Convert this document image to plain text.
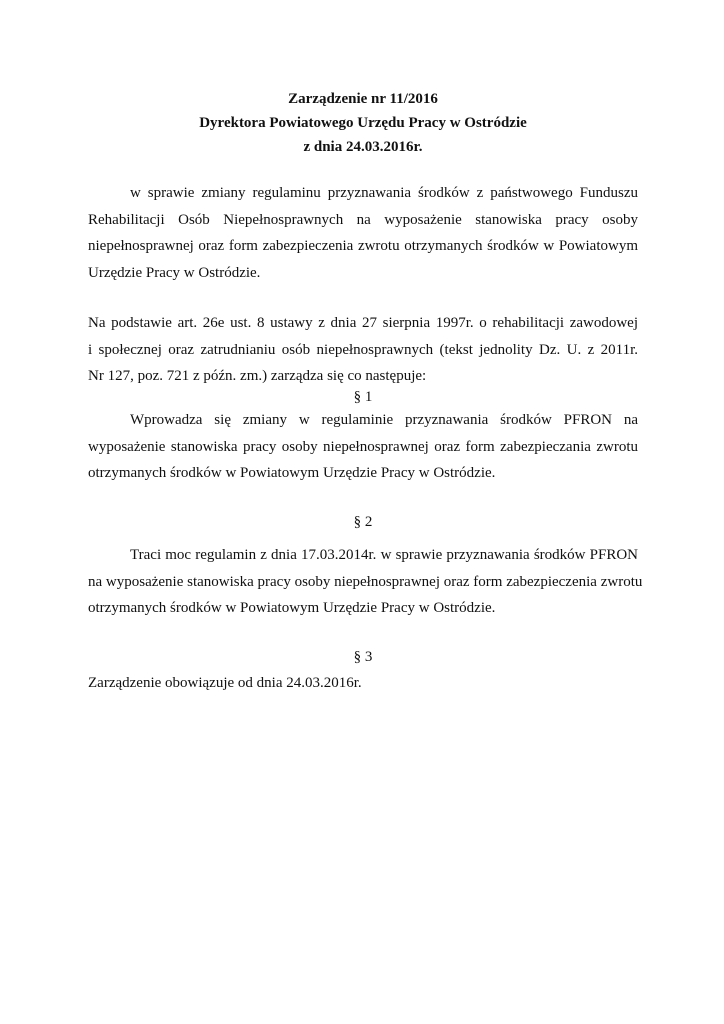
Zarządzenie nr 11/2016
Dyrektora Powiatowego Urzędu Pracy w Ostródzie
z dnia 24.03.2016r.
w sprawie zmiany regulaminu przyznawania środków z państwowego Funduszu
Rehabilitacji Osób Niepełnosprawnych na wyposażenie stanowiska pracy osoby
niepełnosprawnej oraz form zabezpieczenia zwrotu otrzymanych środków w Powiatowym
Urzędzie Pracy w Ostródzie.
Na podstawie art. 26e ust. 8 ustawy z dnia 27 sierpnia 1997r. o rehabilitacji zawodowej
i społecznej oraz zatrudnianiu osób niepełnosprawnych (tekst jednolity Dz. U. z 2011r.
Nr 127, poz. 721 z późn. zm.) zarządza się co następuje:
§ 1
Wprowadza się zmiany w regulaminie przyznawania środków PFRON na
wyposażenie stanowiska pracy osoby niepełnosprawnej oraz form zabezpieczania zwrotu
otrzymanych środków w Powiatowym Urzędzie Pracy w Ostródzie.
§ 2
Traci moc regulamin z dnia 17.03.2014r. w sprawie przyznawania środków PFRON
na wyposażenie stanowiska pracy osoby niepełnosprawnej oraz form zabezpieczenia zwrotu
otrzymanych środków w Powiatowym Urzędzie Pracy w Ostródzie.
§ 3
Zarządzenie obowiązuje od dnia 24.03.2016r.
